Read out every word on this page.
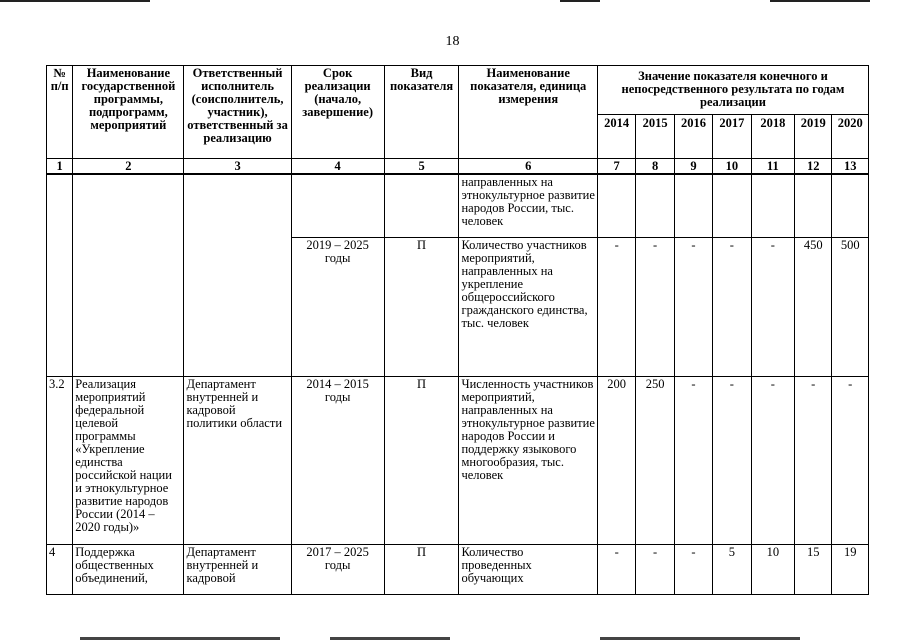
18
№ п/п	Наименование государственной программы, подпрограмм, мероприятий	Ответственный исполнитель (соисполнитель, участник), ответственный за реализацию	Срок реализации (начало, завершение)	Вид показателя	Наименование показателя, единица измерения	Значение показателя конечного и непосредственного результата по годам реализации						
						2014	2015	2016	2017	2018	2019	2020
1	2	3	4	5	6	7	8	9	10	11	12	13
					направленных на этнокультурное развитие народов России, тыс. человек							
			2019 – 2025 годы	П	Количество участников мероприятий, направленных на укрепление общероссийского гражданского единства, тыс. человек	-	-	-	-	-	450	500
3.2	Реализация мероприятий федеральной целевой программы «Укрепление единства российской нации и этнокультурное развитие народов России (2014 – 2020 годы)»	Департамент внутренней и кадровой политики области	2014 – 2015 годы	П	Численность участников мероприятий, направленных на этнокультурное развитие народов России и поддержку языкового многообразия, тыс. человек	200	250	-	-	-	-	-
4	Поддержка общественных объединений,	Департамент внутренней и кадровой	2017 – 2025 годы	П	Количество проведенных обучающих	-	-	-	5	10	15	19
